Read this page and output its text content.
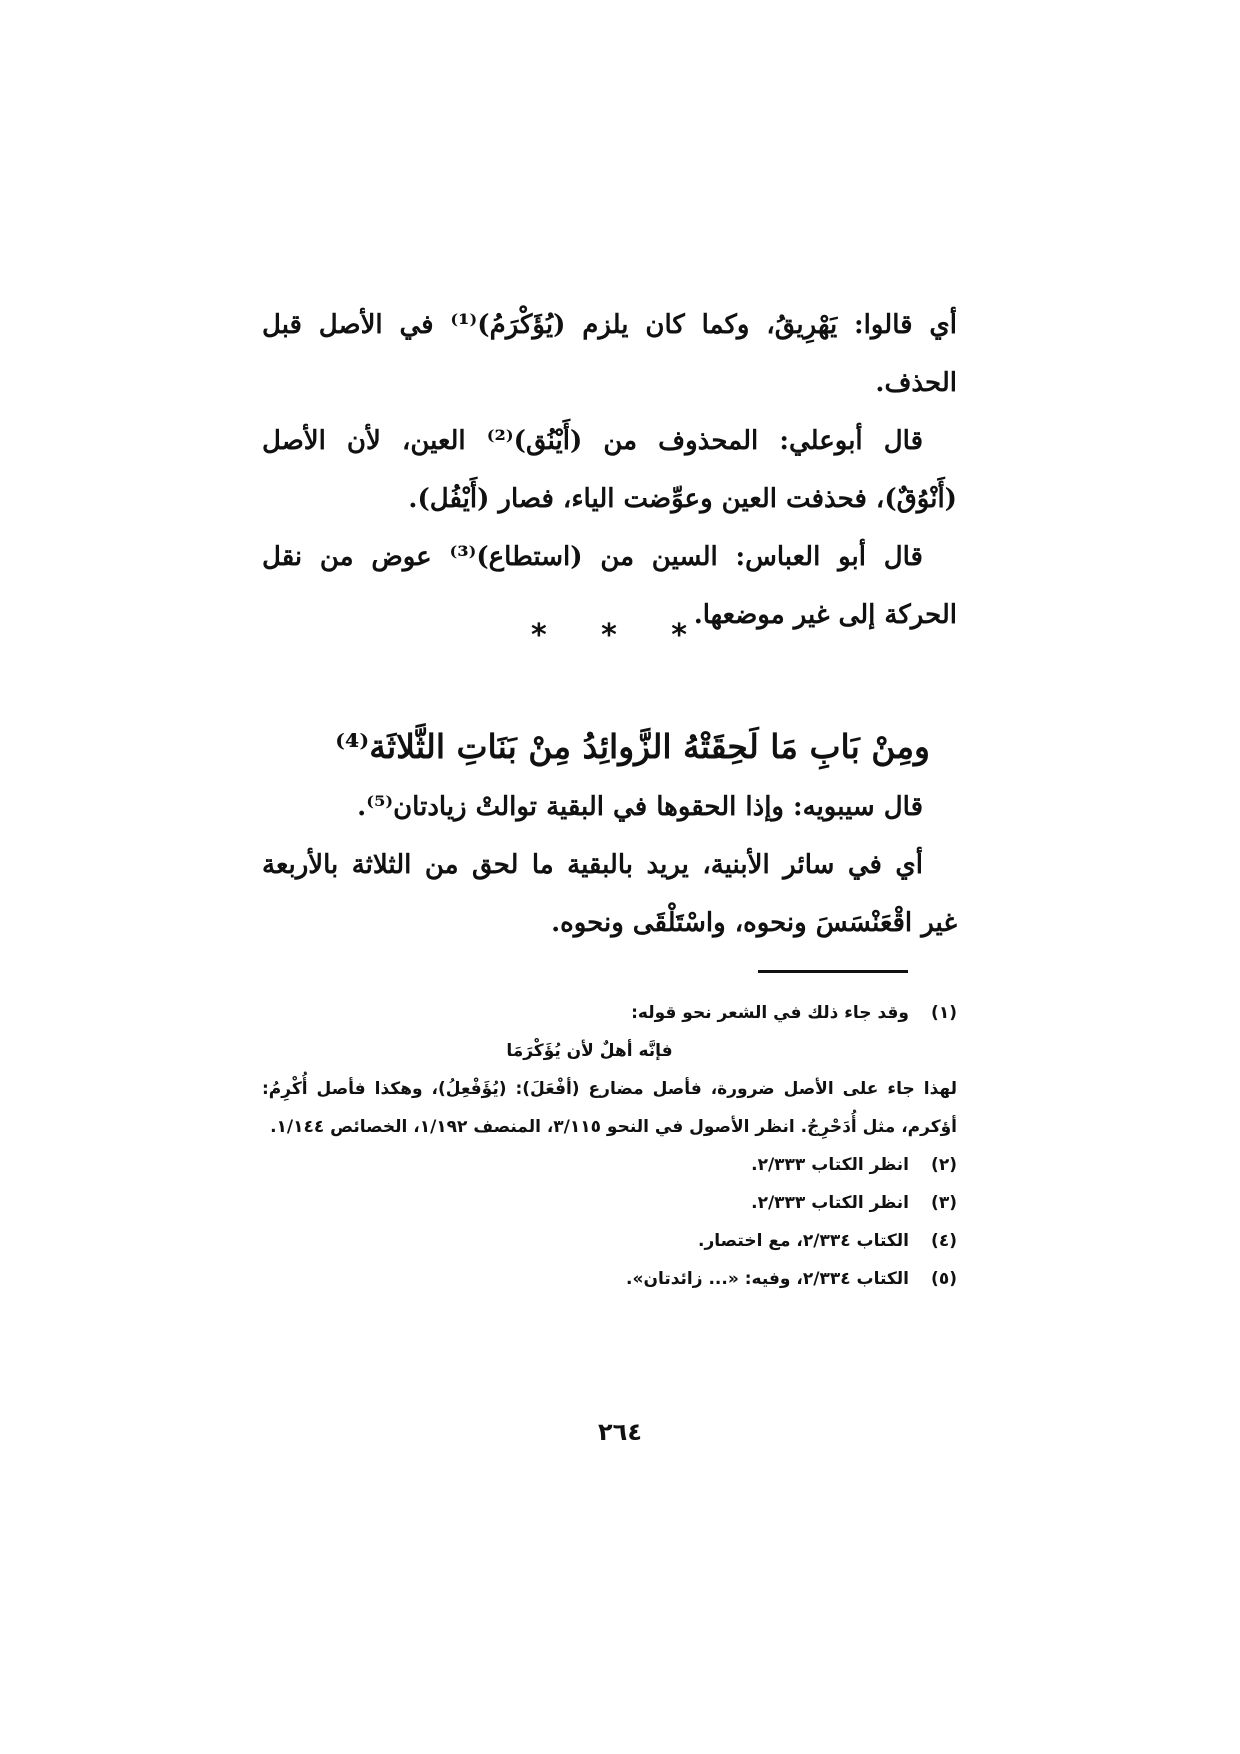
أي قالوا: يَهْرِيقُ، وكما كان يلزم (يُؤَكْرَمُ)⁽¹⁾ في الأصل قبل الحذف.

قال أبوعلي: المحذوف من (أَيْنُق)⁽²⁾ العين، لأن الأصل (أَنْوُقٌ)، فحذفت العين وعوِّضت الياء، فصار (أَيْفُل).

قال أبو العباس: السين من (استطاع)⁽³⁾ عوض من نقل الحركة إلى غير موضعها.

* * *
ومِنْ بَابِ مَا لَحِقَتْهُ الزَّوائِدُ مِنْ بَنَاتِ الثَّلاثَة⁽⁴⁾

قال سيبويه: وإذا الحقوها في البقية توالتْ زيادتان⁽⁵⁾.

أي في سائر الأبنية، يريد بالبقية ما لحق من الثلاثة بالأربعة غير اقْعَنْسَسَ ونحوه، واسْتَلْقَى ونحوه.

(١)
وقد جاء ذلك في الشعر نحو قوله:
فإنَّه أهلٌ لأن يُؤَكْرَمَا
لهذا جاء على الأصل ضرورة، فأصل مضارع (أفْعَلَ): (يُؤَفْعِلُ)، وهكذا فأصل أُكْرِمُ: أؤكرم، مثل أُدَحْرِجُ. انظر الأصول في النحو ٣/١١٥، المنصف ١/١٩٢، الخصائص ١/١٤٤.
(٢)
انظر الكتاب ٢/٣٣٣.
(٣)
انظر الكتاب ٢/٣٣٣.
(٤)
الكتاب ٢/٣٣٤، مع اختصار.
(٥)
الكتاب ٢/٣٣٤، وفيه: «... زائدتان».
٢٦٤
